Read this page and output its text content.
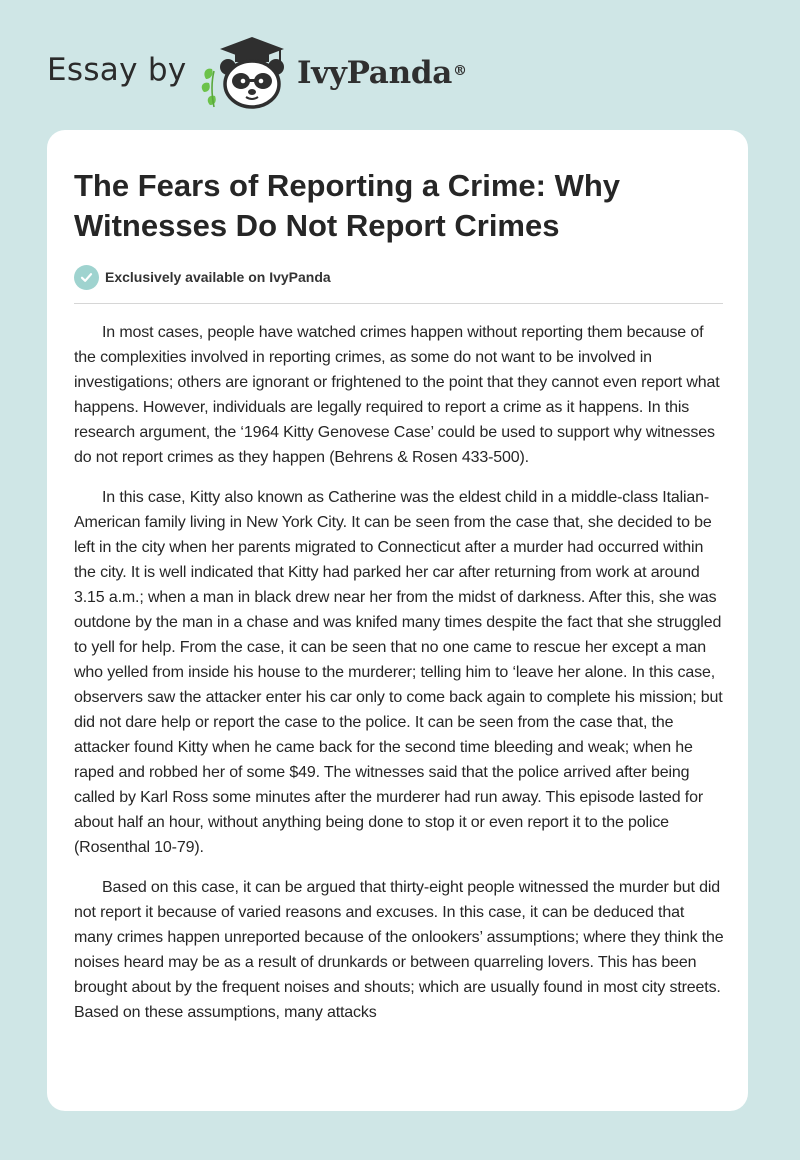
Essay by	IvyPanda®
The Fears of Reporting a Crime: Why Witnesses Do Not Report Crimes
Exclusively available on IvyPanda

In most cases, people have watched crimes happen without reporting them because of the complexities involved in reporting crimes, as some do not want to be involved in investigations; others are ignorant or frightened to the point that they cannot even report what happens. However, individuals are legally required to report a crime as it happens. In this research argument, the ‘1964 Kitty Genovese Case’ could be used to support why witnesses do not report crimes as they happen (Behrens & Rosen 433-500).

In this case, Kitty also known as Catherine was the eldest child in a middle-class Italian-American family living in New York City. It can be seen from the case that, she decided to be left in the city when her parents migrated to Connecticut after a murder had occurred within the city. It is well indicated that Kitty had parked her car after returning from work at around 3.15 a.m.; when a man in black drew near her from the midst of darkness. After this, she was outdone by the man in a chase and was knifed many times despite the fact that she struggled to yell for help. From the case, it can be seen that no one came to rescue her except a man who yelled from inside his house to the murderer; telling him to ‘leave her alone. In this case, observers saw the attacker enter his car only to come back again to complete his mission; but did not dare help or report the case to the police. It can be seen from the case that, the attacker found Kitty when he came back for the second time bleeding and weak; when he raped and robbed her of some $49. The witnesses said that the police arrived after being called by Karl Ross some minutes after the murderer had run away. This episode lasted for about half an hour, without anything being done to stop it or even report it to the police (Rosenthal 10-79).

Based on this case, it can be argued that thirty-eight people witnessed the murder but did not report it because of varied reasons and excuses. In this case, it can be deduced that many crimes happen unreported because of the onlookers’ assumptions; where they think the noises heard may be as a result of drunkards or between quarreling lovers. This has been brought about by the frequent noises and shouts; which are usually found in most city streets. Based on these assumptions, many attacks
